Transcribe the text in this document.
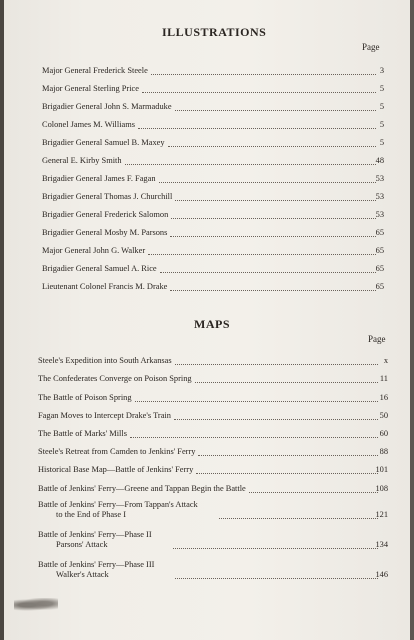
ILLUSTRATIONS
Page
Major General Frederick Steele	3
Major General Sterling Price	5
Brigadier General John S. Marmaduke	5
Colonel James M. Williams	5
Brigadier General Samuel B. Maxey	5
General E. Kirby Smith	48
Brigadier General James F. Fagan	53
Brigadier General Thomas J. Churchill	53
Brigadier General Frederick Salomon	53
Brigadier General Mosby M. Parsons	65
Major General John G. Walker	65
Brigadier General Samuel A. Rice	65
Lieutenant Colonel Francis M. Drake	65
MAPS
Page
Steele's Expedition into South Arkansas	x
The Confederates Converge on Poison Spring	11
The Battle of Poison Spring	16
Fagan Moves to Intercept Drake's Train	50
The Battle of Marks' Mills	60
Steele's Retreat from Camden to Jenkins' Ferry	88
Historical Base Map—Battle of Jenkins' Ferry	101
Battle of Jenkins' Ferry—Greene and Tappan Begin the Battle	108
Battle of Jenkins' Ferry—From Tappan's Attack
to the End of Phase I	121
Battle of Jenkins' Ferry—Phase II
Parsons' Attack	134
Battle of Jenkins' Ferry—Phase III
Walker's Attack	146
